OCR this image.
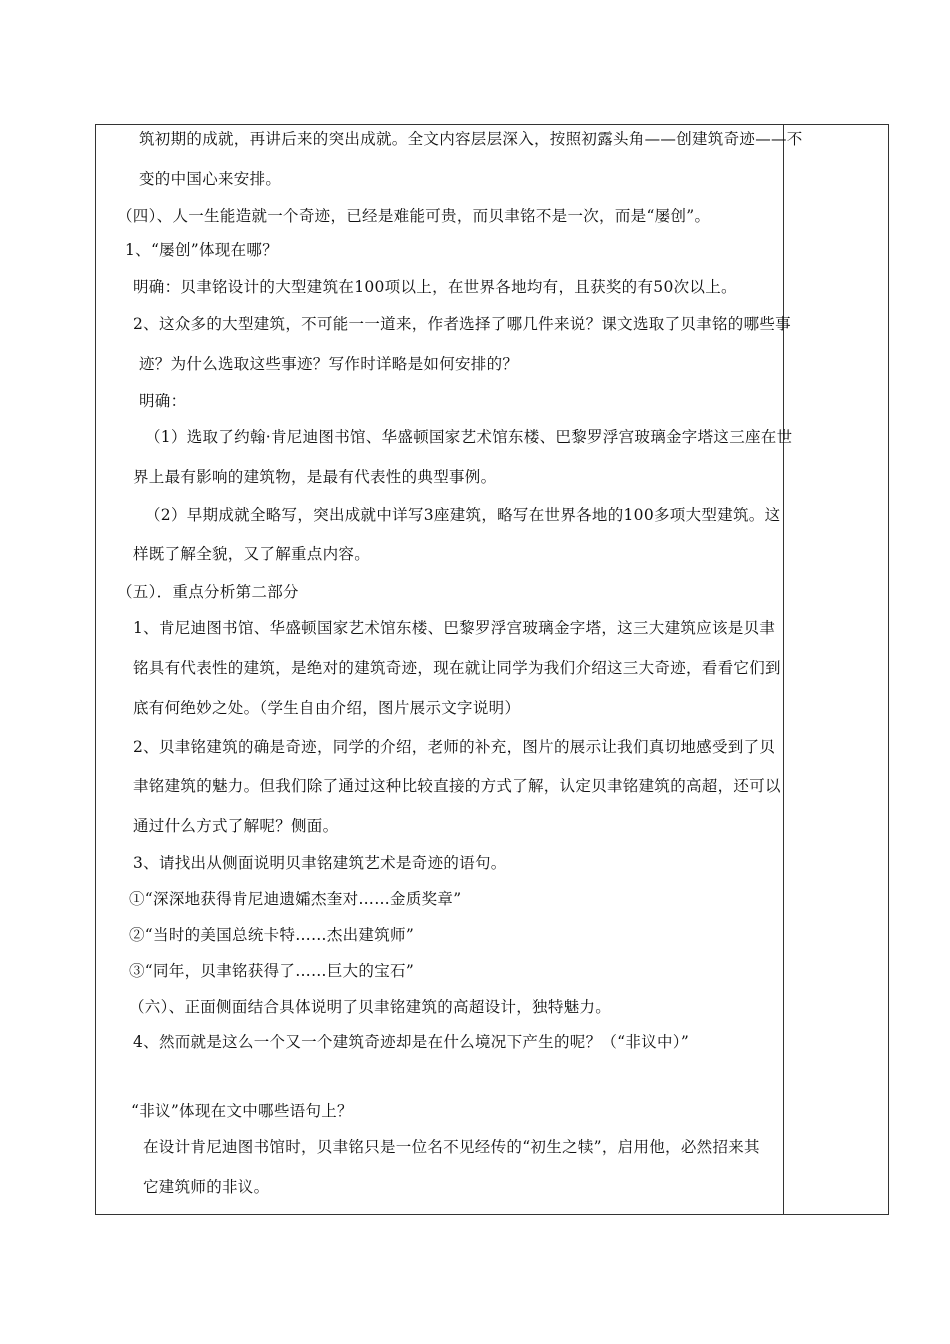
筑初期的成就，再讲后来的突出成就。全文内容层层深入，按照初露头角——创建筑奇迹——不
变的中国心来安排。
（四）、人一生能造就一个奇迹，已经是难能可贵，而贝聿铭不是一次，而是“屡创”。
1、“屡创”体现在哪？
明确：贝聿铭设计的大型建筑在100项以上，在世界各地均有，且获奖的有50次以上。
2、这众多的大型建筑，不可能一一道来，作者选择了哪几件来说？课文选取了贝聿铭的哪些事
迹？为什么选取这些事迹？写作时详略是如何安排的？
明确：
（1）选取了约翰·肯尼迪图书馆、华盛顿国家艺术馆东楼、巴黎罗浮宫玻璃金字塔这三座在世
界上最有影响的建筑物，是最有代表性的典型事例。
（2）早期成就全略写，突出成就中详写3座建筑，略写在世界各地的100多项大型建筑。这
样既了解全貌，又了解重点内容。
（五）．重点分析第二部分
1、肯尼迪图书馆、华盛顿国家艺术馆东楼、巴黎罗浮宫玻璃金字塔，这三大建筑应该是贝聿
铭具有代表性的建筑，是绝对的建筑奇迹，现在就让同学为我们介绍这三大奇迹，看看它们到
底有何绝妙之处。（学生自由介绍，图片展示文字说明）
2、贝聿铭建筑的确是奇迹，同学的介绍，老师的补充，图片的展示让我们真切地感受到了贝
聿铭建筑的魅力。但我们除了通过这种比较直接的方式了解，认定贝聿铭建筑的高超，还可以
通过什么方式了解呢？侧面。
3、请找出从侧面说明贝聿铭建筑艺术是奇迹的语句。
①“深深地获得肯尼迪遗孀杰奎对……金质奖章”
②“当时的美国总统卡特……杰出建筑师”
③“同年，贝聿铭获得了……巨大的宝石”
（六）、正面侧面结合具体说明了贝聿铭建筑的高超设计，独特魅力。
4、然而就是这么一个又一个建筑奇迹却是在什么境况下产生的呢？（“非议中）”
“非议”体现在文中哪些语句上？
在设计肯尼迪图书馆时，贝聿铭只是一位名不见经传的“初生之犊”，启用他，必然招来其
它建筑师的非议。
